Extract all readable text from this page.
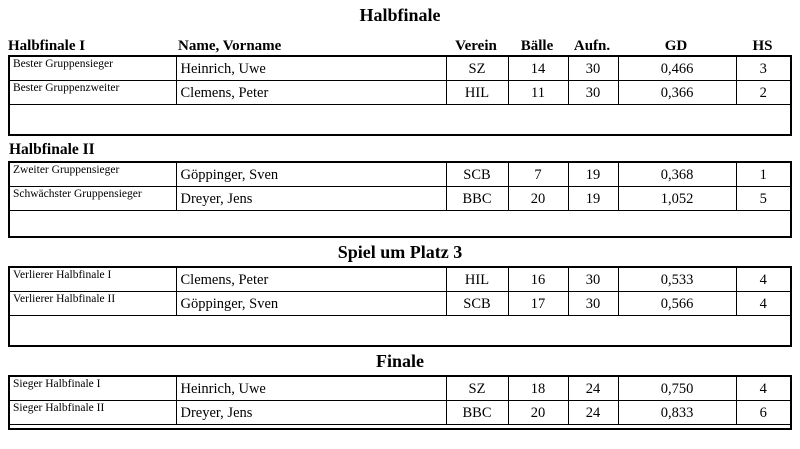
Halbfinale
Halbfinale I	Name, Vorname	Verein	Bälle	Aufn.	GD	HS
Bester Gruppensieger	Heinrich, Uwe	SZ	14	30	0,466	3
Bester Gruppenzweiter	Clemens, Peter	HIL	11	30	0,366	2

Halbfinale II
Zweiter Gruppensieger	Göppinger, Sven	SCB	7	19	0,368	1
Schwächster Gruppensieger	Dreyer, Jens	BBC	20	19	1,052	5

Spiel um Platz 3
Verlierer Halbfinale I	Clemens, Peter	HIL	16	30	0,533	4
Verlierer Halbfinale II	Göppinger, Sven	SCB	17	30	0,566	4

Finale
Sieger Halbfinale I	Heinrich, Uwe	SZ	18	24	0,750	4
Sieger Halbfinale II	Dreyer, Jens	BBC	20	24	0,833	6
